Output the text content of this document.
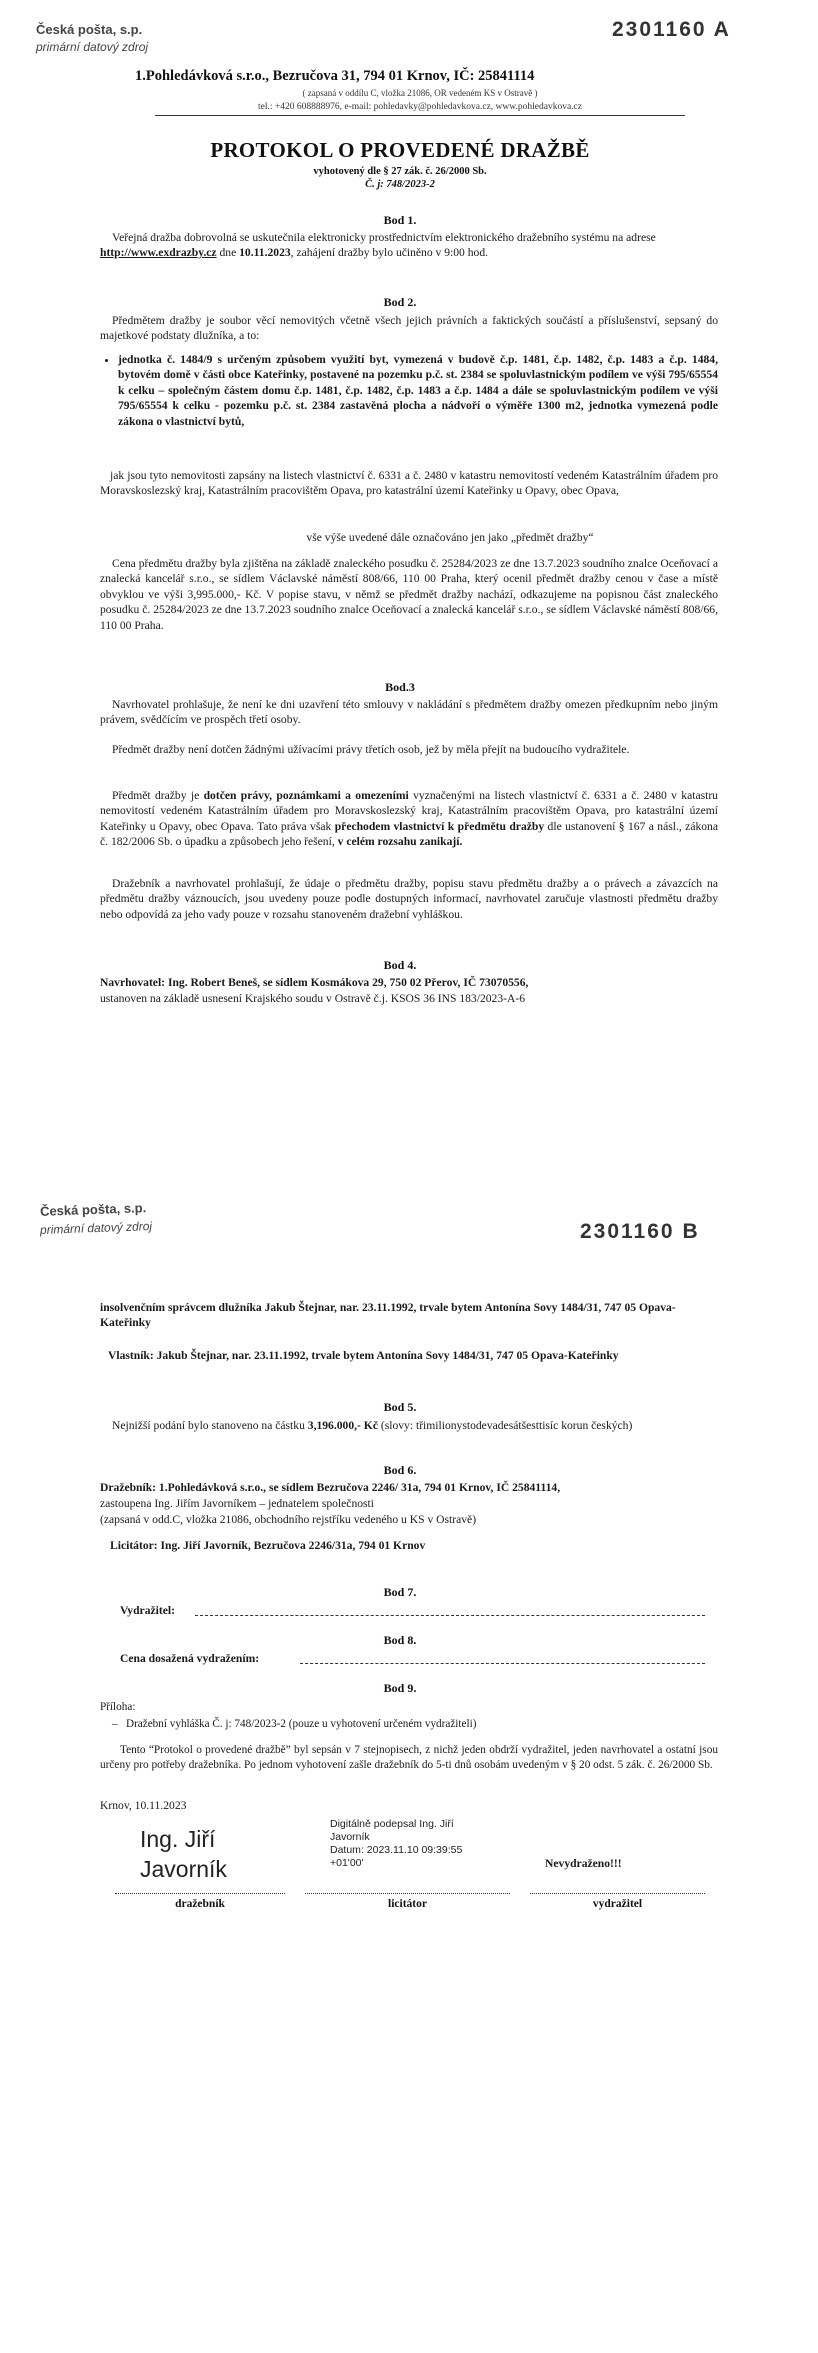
Česká pošta, s.p.
primární datový zdroj
2301160 A
1.Pohledávková s.r.o., Bezručova 31, 794 01 Krnov, IČ: 25841114
( zapsaná v oddílu C, vložka 21086, OR vedeném KS v Ostravě )
tel.: +420 608888976, e-mail: pohledavky@pohledavkova.cz, www.pohledavkova.cz
PROTOKOL O PROVEDENÉ DRAŽBĚ
vyhotovený dle § 27 zák. č. 26/2000 Sb.
Č. j: 748/2023-2
Bod 1.
Veřejná dražba dobrovolná se uskutečnila elektronicky prostřednictvím elektronického dražebního systému na adrese http://www.exdrazby.cz dne 10.11.2023, zahájení dražby bylo učiněno v 9:00 hod.
Bod 2.
Předmětem dražby je soubor věcí nemovitých včetně všech jejich právních a faktických součástí a příslušenství, sepsaný do majetkové podstaty dlužníka, a to:
• jednotka č. 1484/9 s určeným způsobem využití byt, vymezená v budově č.p. 1481, č.p. 1482, č.p. 1483 a č.p. 1484, bytovém domě v části obce Kateřinky, postavené na pozemku p.č. st. 2384 se spoluvlastnickým podílem ve výši 795/65554 k celku – společným částem domu č.p. 1481, č.p. 1482, č.p. 1483 a č.p. 1484 a dále se spoluvlastnickým podílem ve výši 795/65554 k celku - pozemku p.č. st. 2384 zastavěná plocha a nádvoří o výměře 1300 m2, jednotka vymezená podle zákona o vlastnictví bytů,
jak jsou tyto nemovitosti zapsány na listech vlastnictví č. 6331 a č. 2480 v katastru nemovitostí vedeném Katastrálním úřadem pro Moravskoslezský kraj, Katastrálním pracovištěm Opava, pro katastrální území Kateřinky u Opavy, obec Opava,
vše výše uvedené dále označováno jen jako „předmět dražby“
Cena předmětu dražby byla zjištěna na základě znaleckého posudku č. 25284/2023 ze dne 13.7.2023 soudního znalce Oceňovací a znalecká kancelář s.r.o., se sídlem Václavské náměstí 808/66, 110 00 Praha, který ocenil předmět dražby cenou v čase a místě obvyklou ve výši 3,995.000,- Kč. V popise stavu, v němž se předmět dražby nachází, odkazujeme na popisnou část znaleckého posudku č. 25284/2023 ze dne 13.7.2023 soudního znalce Oceňovací a znalecká kancelář s.r.o., se sídlem Václavské náměstí 808/66, 110 00 Praha.
Bod.3
Navrhovatel prohlašuje, že není ke dni uzavření této smlouvy v nakládání s předmětem dražby omezen předkupním nebo jiným právem, svědčícím ve prospěch třetí osoby.
Předmět dražby není dotčen žádnými užívacími právy třetích osob, jež by měla přejít na budoucího vydražitele.
Předmět dražby je dotčen právy, poznámkami a omezeními vyznačenými na listech vlastnictví č. 6331 a č. 2480 v katastru nemovitostí vedeném Katastrálním úřadem pro Moravskoslezský kraj, Katastrálním pracovištěm Opava, pro katastrální území Kateřinky u Opavy, obec Opava. Tato práva však přechodem vlastnictví k předmětu dražby dle ustanovení § 167 a násl., zákona č. 182/2006 Sb. o úpadku a způsobech jeho řešení, v celém rozsahu zanikají.
Dražebník a navrhovatel prohlašují, že údaje o předmětu dražby, popisu stavu předmětu dražby a o právech a závazcích na předmětu dražby váznoucích, jsou uvedeny pouze podle dostupných informací, navrhovatel zaručuje vlastnosti předmětu dražby nebo odpovídá za jeho vady pouze v rozsahu stanoveném dražební vyhláškou.
Bod 4.
Navrhovatel: Ing. Robert Beneš, se sídlem Kosmákova 29, 750 02 Přerov, IČ 73070556,
ustanoven na základě usnesení Krajského soudu v Ostravě č.j. KSOS 36 INS 183/2023-A-6
Česká pošta, s.p.
primární datový zdroj	2301160 B
insolvenčním správcem dlužníka Jakub Štejnar, nar. 23.11.1992, trvale bytem Antonína Sovy 1484/31, 747 05 Opava-Kateřinky
Vlastník: Jakub Štejnar, nar. 23.11.1992, trvale bytem Antonína Sovy 1484/31, 747 05 Opava-Kateřinky
Bod 5.
Nejnižší podání bylo stanoveno na částku 3,196.000,- Kč (slovy: třimilionystodevadesátšesttisíc korun českých)
Bod 6.
Dražebník: 1.Pohledávková s.r.o., se sídlem Bezručova 2246/ 31a, 794 01 Krnov, IČ 25841114,
zastoupena Ing. Jiřím Javorníkem – jednatelem společnosti
(zapsaná v odd.C, vložka 21086, obchodního rejstříku vedeného u KS v Ostravě)
Licitátor: Ing. Jiří Javorník, Bezručova 2246/31a, 794 01 Krnov
Bod 7.
Vydražitel:
Bod 8.
Cena dosažená vydražením:
Bod 9.
Příloha:
–   Dražební vyhláška Č. j: 748/2023-2 (pouze u vyhotovení určeném vydražiteli)
Tento “Protokol o provedené dražbě” byl sepsán v 7 stejnopisech, z nichž jeden obdrží vydražitel, jeden navrhovatel a ostatní jsou určeny pro potřeby dražebníka. Po jednom vyhotovení zašle dražebník do 5-ti dnů osobám uvedeným v § 20 odst. 5 zák. č. 26/2000 Sb.
Krnov, 10.11.2023
Ing. Jiří
Javorník
Digitálně podepsal Ing. Jiří
Javorník
Datum: 2023.11.10 09:39:55
+01'00'	Nevydraženo!!!
dražebník	licitátor	vydražitel
